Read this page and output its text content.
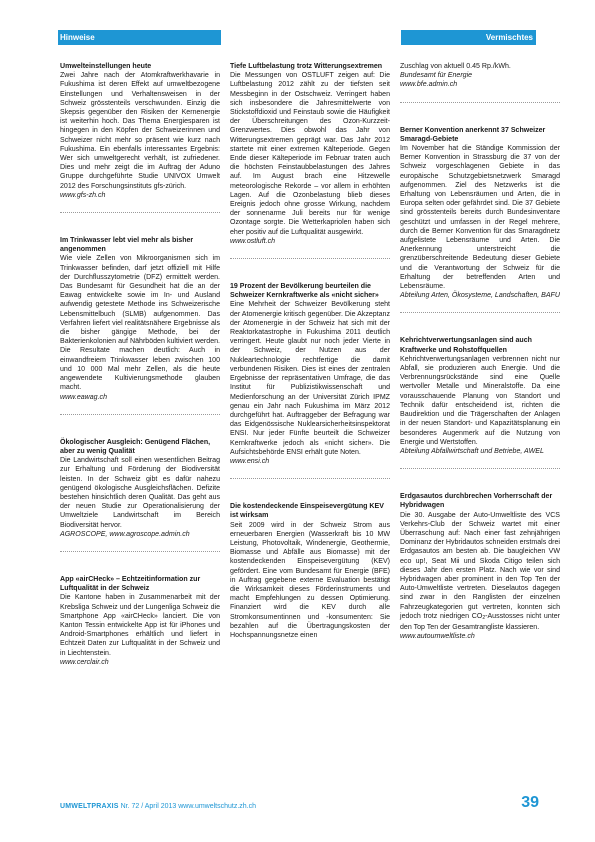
Hinweise	Vermischtes
Umwelteinstellungen heute
Zwei Jahre nach der Atomkraftwerkhavarie in Fukushima ist deren Effekt auf umweltbezogene Einstellungen und Verhaltensweisen in der Schweiz grösstenteils verschwunden. Einzig die Skepsis gegenüber den Risiken der Kernenergie ist weiterhin hoch. Das Thema Energiesparen ist hingegen in den Köpfen der Schweizerinnen und Schweizer nicht mehr so präsent wie kurz nach Fukushima. Ein ebenfalls interessantes Ergebnis: Wer sich umweltgerecht verhält, ist zufriedener. Dies und mehr zeigt die im Auftrag der Aduno Gruppe durchgeführte Studie UNIVOX Umwelt 2012 des Forschungsinstituts gfs-zürich.
www.gfs-zh.ch
Im Trinkwasser lebt viel mehr als bisher angenommen
Wie viele Zellen von Mikroorganismen sich im Trinkwasser befinden, darf jetzt offiziell mit Hilfe der Durchflusszytometrie (DFZ) ermittelt werden. Das Bundesamt für Gesundheit hat die an der Eawag entwickelte sowie im In- und Ausland aufwendig getestete Methode ins Schweizerische Lebensmittelbuch (SLMB) aufgenommen. Das Verfahren liefert viel realitätsnähere Ergebnisse als die bisher gängige Methode, bei der Bakterienkolonien auf Nährböden kultiviert werden. Die Resultate machen deutlich: Auch in einwandfreiem Trinkwasser leben zwischen 100 und 10 000 Mal mehr Zellen, als die heute angewendete Kultivierungsmethode glauben macht.
www.eawag.ch
Ökologischer Ausgleich: Genügend Flächen, aber zu wenig Qualität
Die Landwirtschaft soll einen wesentlichen Beitrag zur Erhaltung und Förderung der Biodiversität leisten. In der Schweiz gibt es dafür nahezu genügend ökologische Ausgleichsflächen. Defizite bestehen hinsichtlich deren Qualität. Das geht aus der neuen Studie zur Operationalisierung der Umweltziele Landwirtschaft im Bereich Biodiversität hervor.
AGROSCOPE, www.agroscope.admin.ch
App «airCHeck» – Echtzeitinformation zur Luftqualität in der Schweiz
Die Kantone haben in Zusammenarbeit mit der Krebsliga Schweiz und der Lungenliga Schweiz die Smartphone App «airCHeck» lanciert. Die von Kanton Tessin entwickelte App ist für iPhones und Android-Smartphones erhältlich und liefert in Echtzeit Daten zur Luftqualität in der Schweiz und in Liechtenstein.
www.cerclair.ch
Tiefe Luftbelastung trotz Witterungsextremen
Die Messungen von OSTLUFT zeigen auf: Die Luftbelastung 2012 zählt zu der tiefsten seit Messbeginn in der Ostschweiz. Verringert haben sich insbesondere die Jahresmittelwerte von Stickstoffdioxid und Feinstaub sowie die Häufigkeit der Überschreitungen des Ozon-Kurzzeit-Grenzwertes. Dies obwohl das Jahr von Witterungsextremen geprägt war. Das Jahr 2012 startete mit einer extremen Kälteperiode. Gegen Ende dieser Kälteperiode im Februar traten auch die höchsten Feinstaubbelastungen des Jahres auf. Im August brach eine Hitzewelle meteorologische Rekorde – vor allem in erhöhten Lagen. Auf die Ozonbelastung blieb dieses Ereignis jedoch ohne grosse Wirkung, nachdem der sonnenarme Juli bereits nur für wenige Ozontage sorgte. Die Wetterkapriolen haben sich eher positiv auf die Luftqualität ausgewirkt.
www.ostluft.ch
19 Prozent der Bevölkerung beurteilen die Schweizer Kernkraftwerke als «nicht sicher»
Eine Mehrheit der Schweizer Bevölkerung steht der Atomenergie kritisch gegenüber. Die Akzeptanz der Atomenergie in der Schweiz hat sich mit der Reaktorkatastrophe in Fukushima 2011 deutlich verringert. Heute glaubt nur noch jeder Vierte in der Schweiz, der Nutzen aus der Nukleartechnologie rechtfertige die damit verbundenen Risiken. Dies ist eines der zentralen Ergebnisse der repräsentativen Umfrage, die das Institut für Publizistikwissenschaft und Medienforschung an der Universität Zürich IPMZ genau ein Jahr nach Fukushima im März 2012 durchgeführt hat. Auftraggeber der Befragung war das Eidgenössische Nuklearsicherheitsinspektorat ENSI. Nur jeder Fünfte beurteilt die Schweizer Kernkraftwerke jedoch als «nicht sicher». Die Aufsichtsbehörde ENSI erhält gute Noten.
www.ensi.ch
Die kostendeckende Einspeisevergütung KEV ist wirksam
Seit 2009 wird in der Schweiz Strom aus erneuerbaren Energien (Wasserkraft bis 10 MW Leistung, Photovoltaik, Windenergie, Geothermie, Biomasse und Abfälle aus Biomasse) mit der kostendeckenden Einspeisevergütung (KEV) gefördert. Eine vom Bundesamt für Energie (BFE) in Auftrag gegebene externe Evaluation bestätigt die Wirksamkeit dieses Förderinstruments und macht Empfehlungen zu dessen Optimierung. Finanziert wird die KEV durch alle Stromkonsumentinnen und -konsumenten: Sie bezahlen auf die Übertragungskosten der Hochspannungsnetze einen
Zuschlag von aktuell 0.45 Rp./kWh.
Bundesamt für Energie
www.bfe.admin.ch
Berner Konvention anerkennt 37 Schweizer Smaragd-Gebiete
Im November hat die Ständige Kommission der Berner Konvention in Strassburg die 37 von der Schweiz vorgeschlagenen Gebiete in das europäische Schutzgebietsnetzwerk Smaragd aufgenommen. Ziel des Netzwerks ist die Erhaltung von Lebensräumen und Arten, die in Europa selten oder gefährdet sind. Die 37 Gebiete sind grösstenteils bereits durch Bundesinventare geschützt und umfassen in der Regel mehrere, durch die Berner Konvention für das Smaragdnetz aufgelistete Lebensräume und Arten. Die Anerkennung unterstreicht die grenzüberschreitende Bedeutung dieser Gebiete und die Verantwortung der Schweiz für die Erhaltung der betreffenden Arten und Lebensräume.
Abteilung Arten, Ökosysteme, Landschaften, BAFU
Kehrichtverwertungsanlagen sind auch Kraftwerke und Rohstoffquellen
Kehrichtverwertungsanlagen verbrennen nicht nur Abfall, sie produzieren auch Energie. Und die Verbrennungsrückstände sind eine Quelle wertvoller Metalle und Mineralstoffe. Da eine vorausschauende Planung von Standort und Technik dafür entscheidend ist, richten die Baudirektion und die Trägerschaften der Anlagen in der neuen Standort- und Kapazitätsplanung ein besonderes Augenmerk auf die Nutzung von Energie und Wertstoffen.
Abteilung Abfallwirtschaft und Betriebe, AWEL
Erdgasautos durchbrechen Vorherrschaft der Hybridwagen
Die 30. Ausgabe der Auto-Umweltliste des VCS Verkehrs-Club der Schweiz wartet mit einer Überraschung auf: Nach einer fast zehnjährigen Dominanz der Hybridautos schneiden erstmals drei Erdgasautos am besten ab. Die baugleichen VW eco up!, Seat Mii und Skoda Citigo teilen sich dieses Jahr den ersten Platz. Nach wie vor sind Hybridwagen aber prominent in den Top Ten der Auto-Umweltliste vertreten. Dieselautos dagegen sind zwar in den Ranglisten der einzelnen Fahrzeugkategorien gut vertreten, konnten sich jedoch trotz niedrigen $CO_2$-Ausstosses nicht unter den Top Ten der Gesamtrangliste klassieren.
www.autoumweltliste.ch
UMWELTPRAXIS Nr. 72 / April 2013 www.umweltschutz.zh.ch	39
